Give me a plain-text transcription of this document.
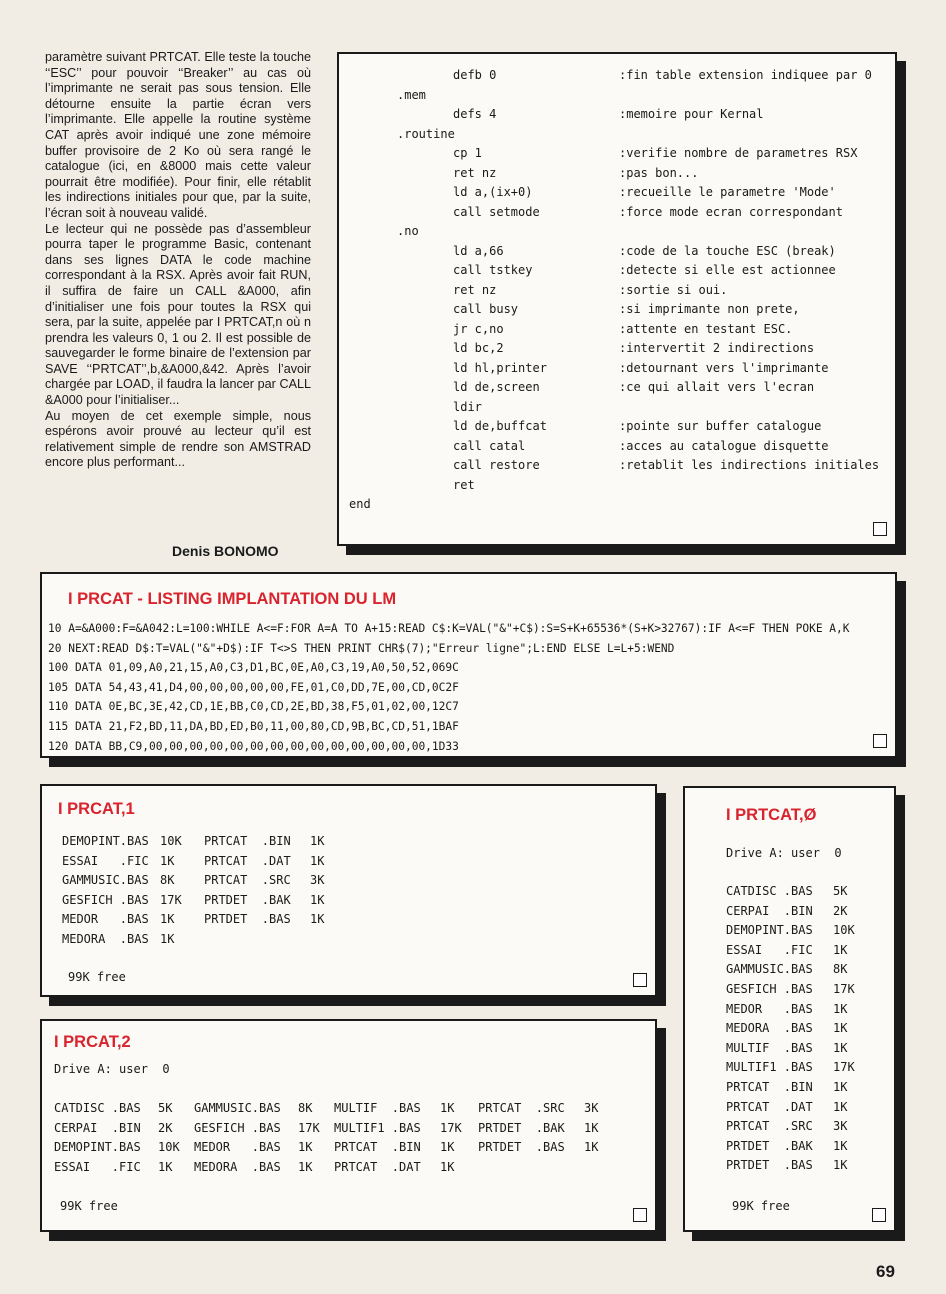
paramètre suivant PRTCAT. Elle teste la touche ‘‘ESC’’ pour pouvoir ‘‘Breaker’’ au cas où l’imprimante ne serait pas sous tension. Elle détourne ensuite la partie écran vers l’imprimante. Elle appelle la routine système CAT après avoir indiqué une zone mémoire buffer provisoire de 2 Ko où sera rangé le catalogue (ici, en &8000 mais cette valeur pourrait être modifiée). Pour finir, elle rétablit les indirections initiales pour que, par la suite, l’écran soit à nouveau validé.

Le lecteur qui ne possède pas d’assembleur pourra taper le programme Basic, contenant dans ses lignes DATA le code machine correspondant à la RSX. Après avoir fait RUN, il suffira de faire un CALL &A000, afin d’initialiser une fois pour toutes la RSX qui sera, par la suite, appelée par I PRTCAT,n où n prendra les valeurs 0, 1 ou 2. Il est possible de sauvegarder le forme binaire de l’extension par SAVE ‘‘PRTCAT’’,b,&A000,&42. Après l’avoir chargée par LOAD, il faudra la lancer par CALL &A000 pour l’initialiser...

Au moyen de cet exemple simple, nous espérons avoir prouvé au lecteur qu’il est relativement simple de rendre son AMSTRAD encore plus performant...

Denis BONOMO
defb 0	:fin table extension indiquee par 0
.mem
defs 4	:memoire pour Kernal
.routine
cp 1	:verifie nombre de parametres RSX
ret nz	:pas bon...
ld a,(ix+0)	:recueille le parametre 'Mode'
call setmode	:force mode ecran correspondant
.no
ld a,66	:code de la touche ESC (break)
call tstkey	:detecte si elle est actionnee
ret nz	:sortie si oui.
call busy	:si imprimante non prete,
jr c,no	:attente en testant ESC.
ld bc,2	:intervertit 2 indirections
ld hl,printer	:detournant vers l'imprimante
ld de,screen	:ce qui allait vers l'ecran
ldir
ld de,buffcat	:pointe sur buffer catalogue
call catal	:acces au catalogue disquette
call restore	:retablit les indirections initiales
ret
end
I PRCAT - LISTING IMPLANTATION DU LM
10 A=&A000:F=&A042:L=100:WHILE A<=F:FOR A=A TO A+15:READ C$:K=VAL("&"+C$):S=S+K+65536*(S+K>32767):IF A<=F THEN POKE A,K
20 NEXT:READ D$:T=VAL("&"+D$):IF T<>S THEN PRINT CHR$(7);"Erreur ligne";L:END ELSE L=L+5:WEND
100 DATA 01,09,A0,21,15,A0,C3,D1,BC,0E,A0,C3,19,A0,50,52,069C
105 DATA 54,43,41,D4,00,00,00,00,00,FE,01,C0,DD,7E,00,CD,0C2F
110 DATA 0E,BC,3E,42,CD,1E,BB,C0,CD,2E,BD,38,F5,01,02,00,12C7
115 DATA 21,F2,BD,11,DA,BD,ED,B0,11,00,80,CD,9B,BC,CD,51,1BAF
120 DATA BB,C9,00,00,00,00,00,00,00,00,00,00,00,00,00,00,1D33
I PRCAT,1
DEMOPINT.BAS 10K PRTCAT  .BIN 1K
ESSAI   .FIC 1K PRTCAT  .DAT 1K
GAMMUSIC.BAS 8K PRTCAT  .SRC 3K
GESFICH .BAS 17K PRTDET  .BAK 1K
MEDOR   .BAS 1K PRTDET  .BAS 1K
MEDORA  .BAS 1K
99K free
I PRCAT,2
Drive A: user  0
CATDISC .BAS 5K GAMMUSIC.BAS 8K MULTIF  .BAS 1K PRTCAT  .SRC 3K
CERPAI  .BIN 2K GESFICH .BAS 17K MULTIF1 .BAS 17K PRTDET  .BAK 1K
DEMOPINT.BAS 10K MEDOR   .BAS 1K PRTCAT  .BIN 1K PRTDET  .BAS 1K
ESSAI   .FIC 1K MEDORA  .BAS 1K PRTCAT  .DAT 1K
99K free
I PRTCAT,Ø
Drive A: user  0
CATDISC .BAS 5K
CERPAI  .BIN 2K
DEMOPINT.BAS 10K
ESSAI   .FIC 1K
GAMMUSIC.BAS 8K
GESFICH .BAS 17K
MEDOR   .BAS 1K
MEDORA  .BAS 1K
MULTIF  .BAS 1K
MULTIF1 .BAS 17K
PRTCAT  .BIN 1K
PRTCAT  .DAT 1K
PRTCAT  .SRC 3K
PRTDET  .BAK 1K
PRTDET  .BAS 1K
99K free
69
